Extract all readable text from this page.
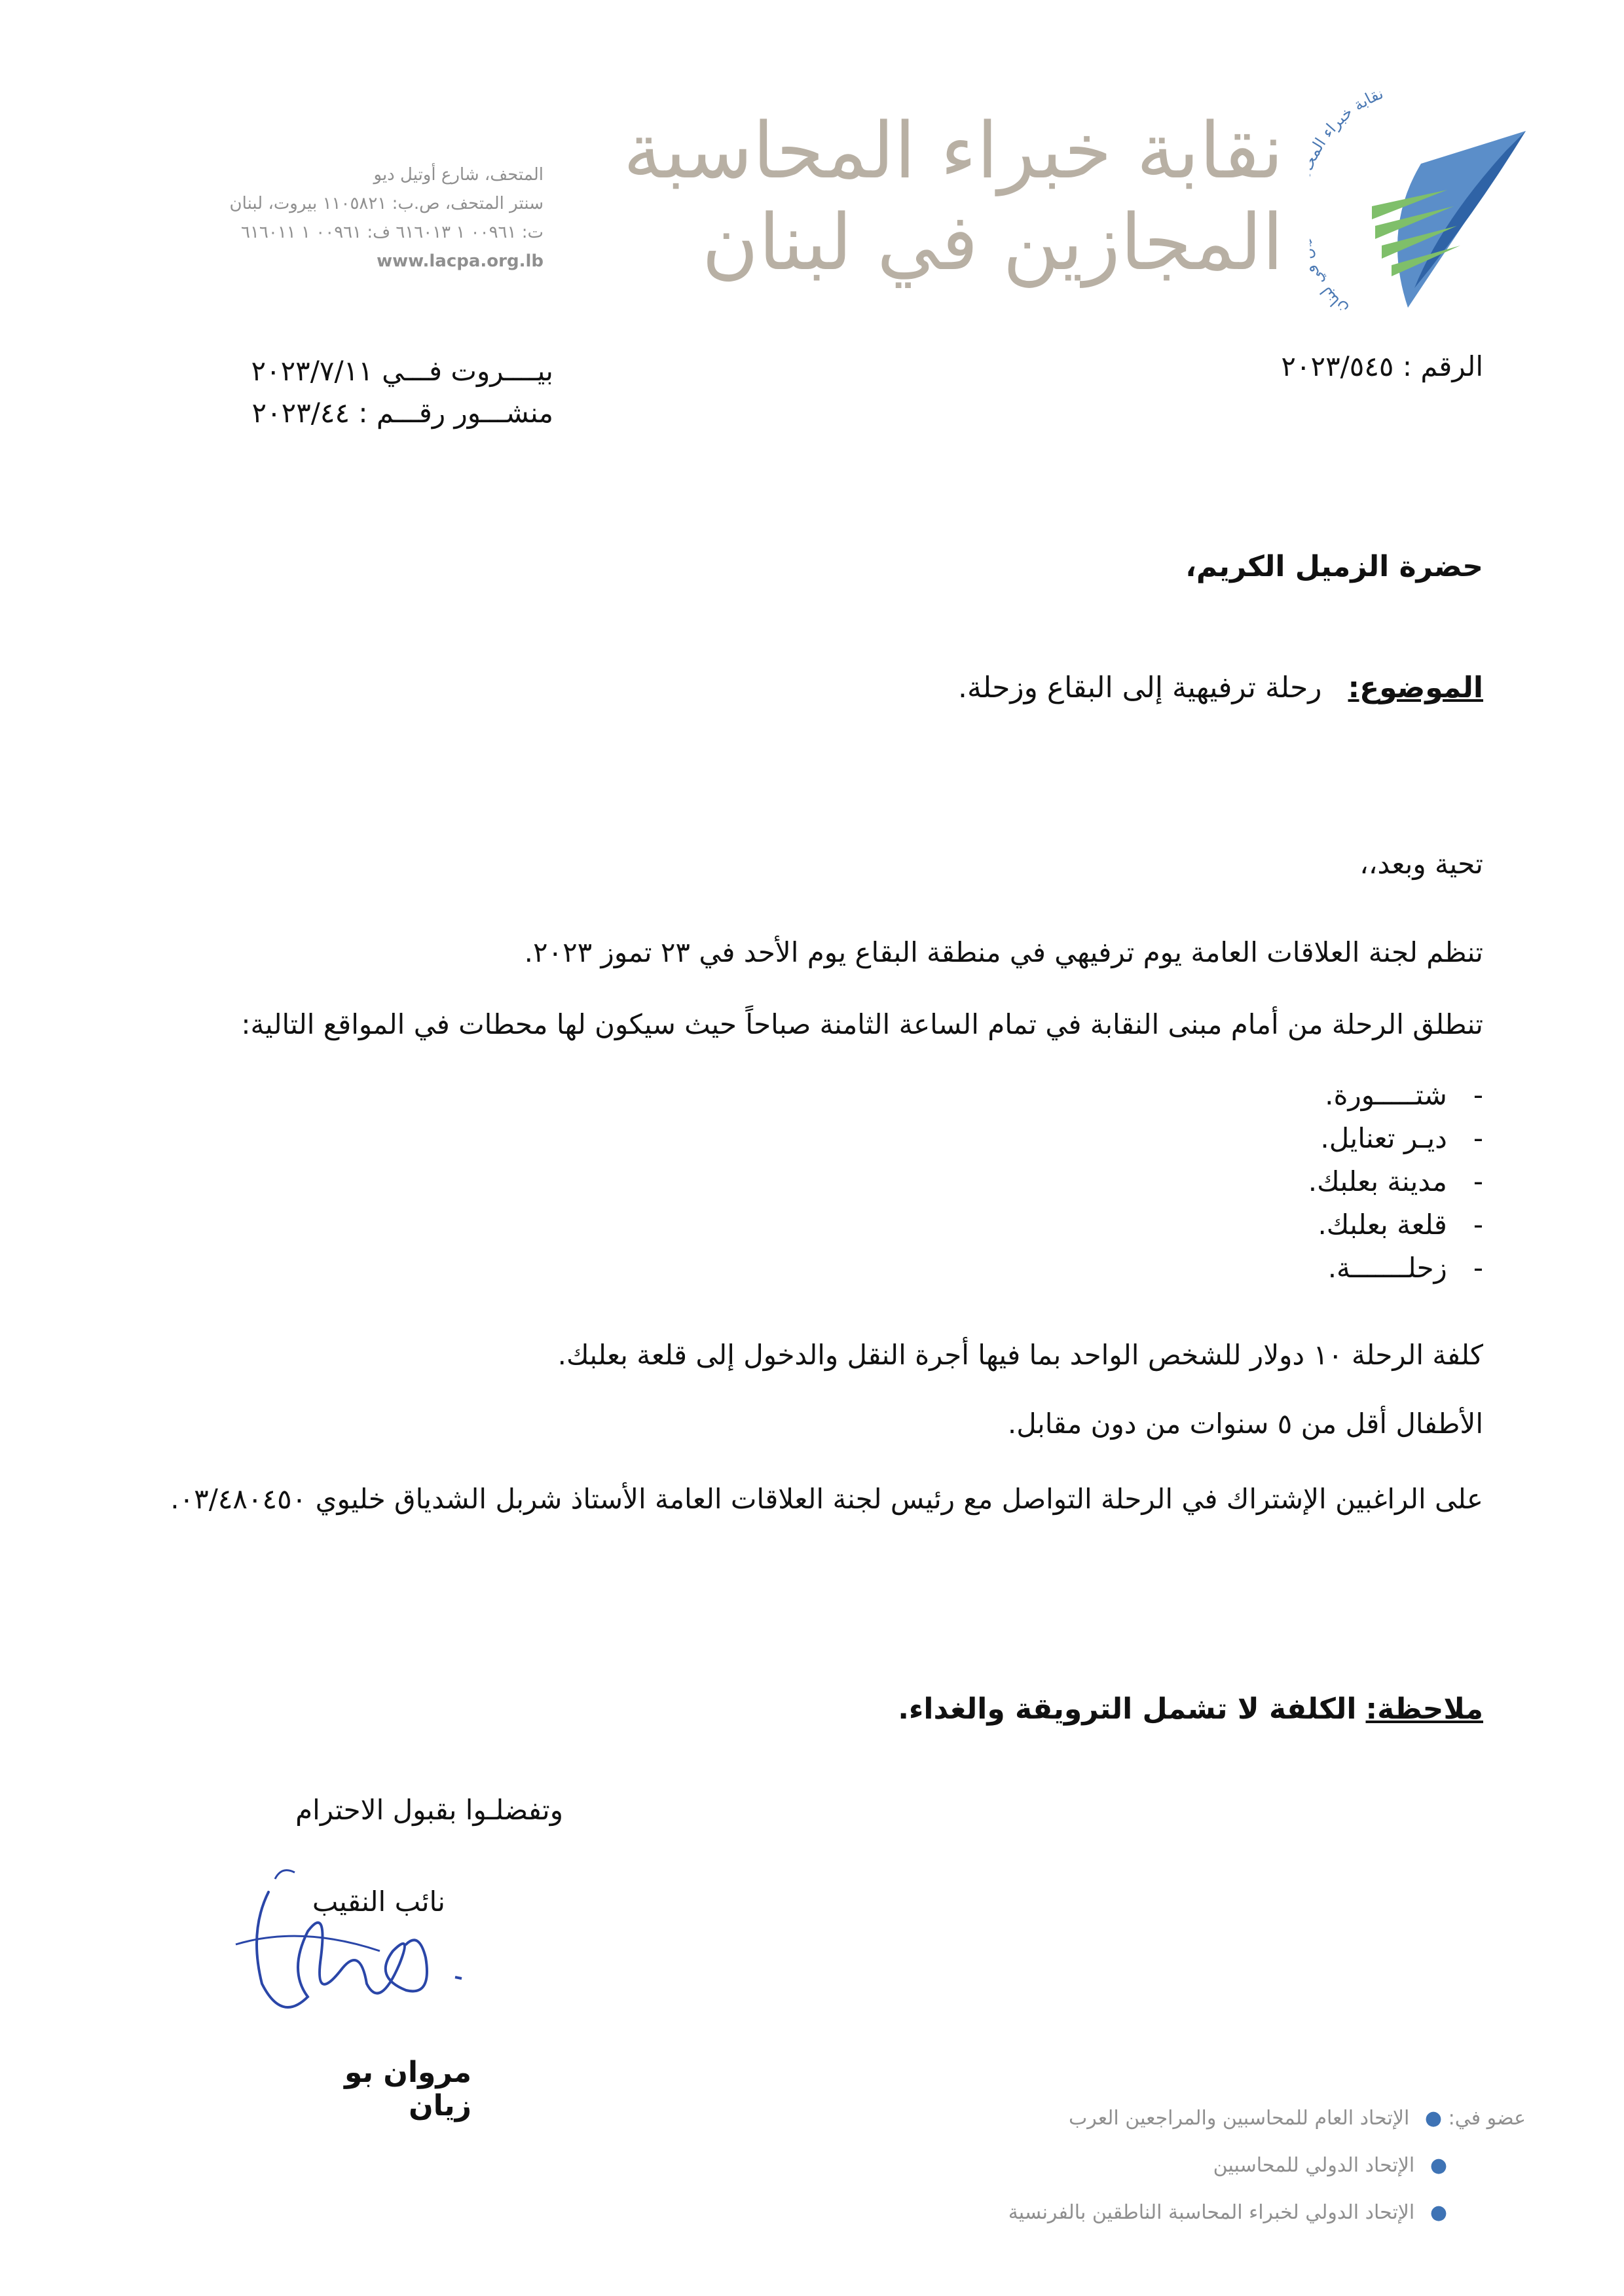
نقابة خبراء ال لبنان
نقابة خبراء المحاسبة
المجازين في لبنان
المتحف، شارع أوتيل ديو
سنتر المتحف، ص.ب: ١١٠٥٨٢١ بيروت، لبنان
ت: ٠٠٩٦١ ١ ٦١٦٠١٣ ف: ٠٠٩٦١ ١ ٦١٦٠١١
www.lacpa.org.lb
الرقم : ٢٠٢٣/٥٤٥
بيــــروت فـــي ٢٠٢٣/٧/١١
منشـــور رقـــم : ٢٠٢٣/٤٤
حضرة الزميل الكريم،
الموضوع:رحلة ترفيهية إلى البقاع وزحلة.
تحية وبعد،،
تنظم لجنة العلاقات العامة يوم ترفيهي في منطقة البقاع يوم الأحد في ٢٣ تموز ٢٠٢٣.
تنطلق الرحلة من أمام مبنى النقابة في تمام الساعة الثامنة صباحاً حيث سيكون لها محطات في المواقع التالية:
-شتـــــورة.
-ديـر تعنايل.
-مدينة بعلبك.
-قلعة بعلبك.
-زحلـــــــة.
كلفة الرحلة ١٠ دولار للشخص الواحد بما فيها أجرة النقل والدخول إلى قلعة بعلبك.
الأطفال أقل من ٥ سنوات من دون مقابل.
على الراغبين الإشتراك في الرحلة التواصل مع رئيس لجنة العلاقات العامة الأستاذ شربل الشدياق خليوي ٠٣/٤٨٠٤٥٠.
ملاحظة:الكلفة لا تشمل الترويقة والغداء.
وتفضلـوا بقبول الاحترام
نائب النقيب
مروان بو زيان	عضو في: ● الإتحاد العام للمحاسبين والمراجعين العرب
● الإتحاد الدولي للمحاسبين
● الإتحاد الدولي لخبراء المحاسبة الناطقين بالفرنسية
